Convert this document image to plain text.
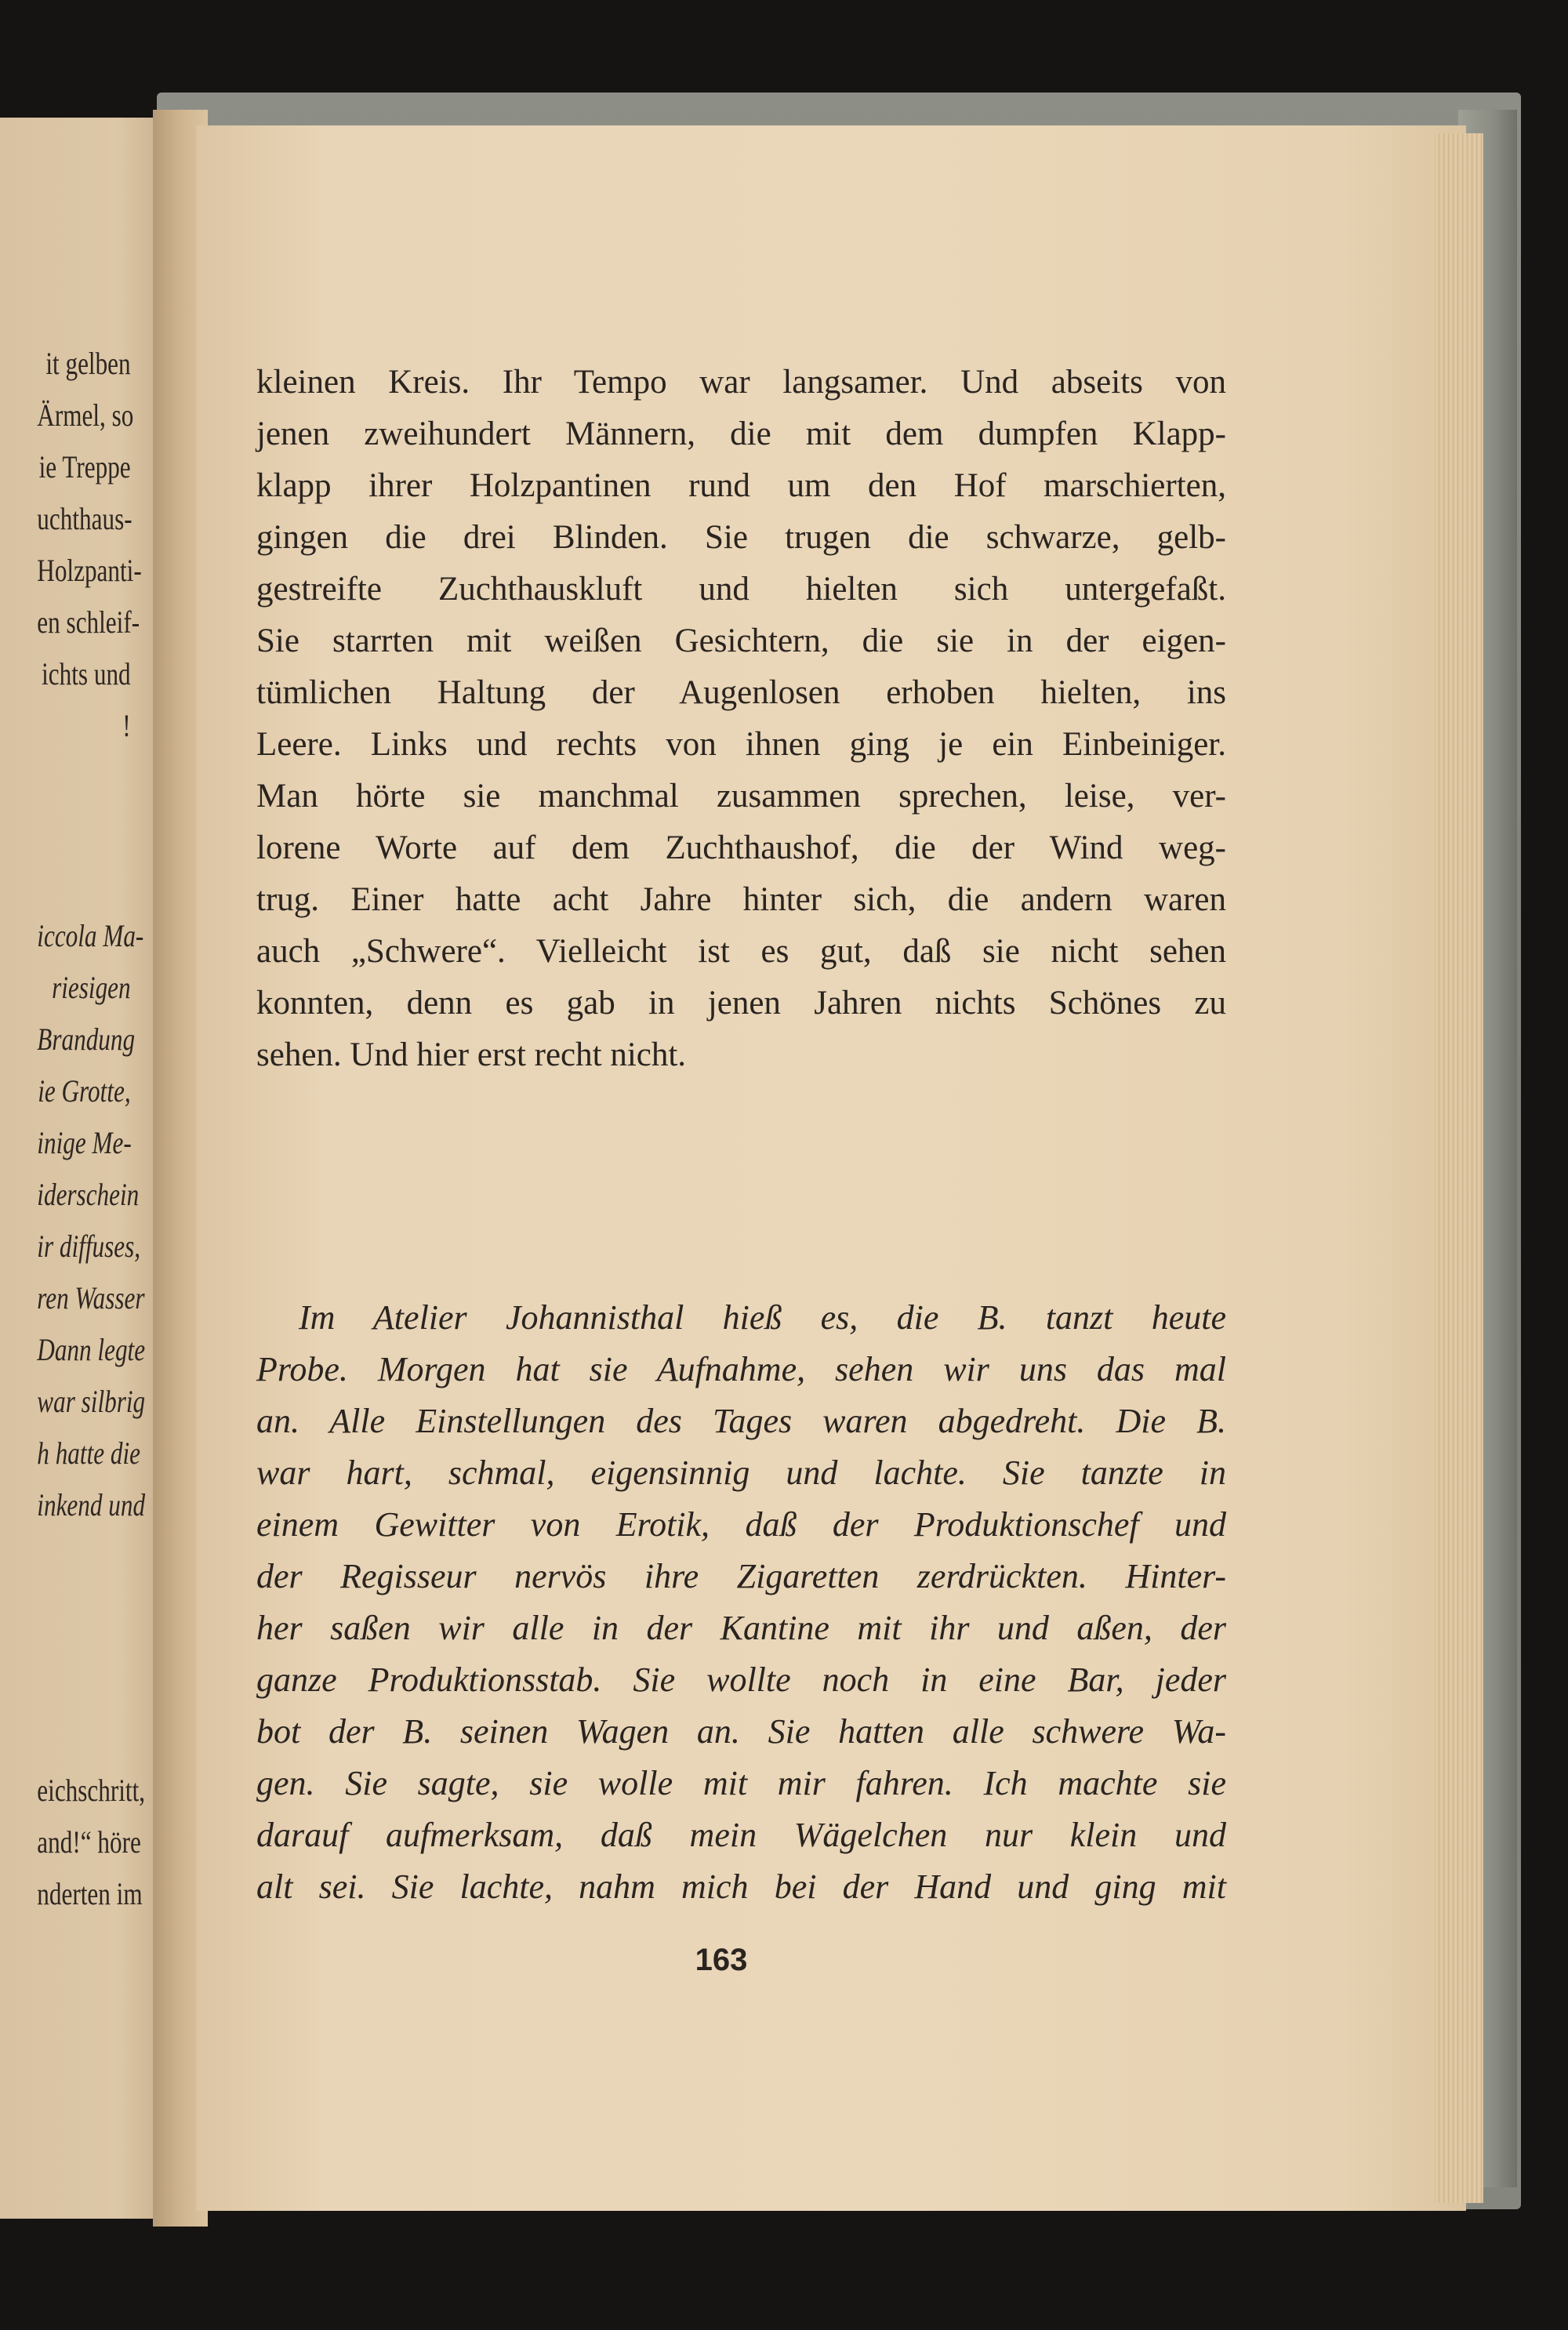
it gelben
Ärmel, so
ie Treppe
uchthaus-
Holzpanti-
en schleif-
ichts und
!
iccola Ma-
riesigen
Brandung
ie Grotte,
inige Me-
iderschein
ir diffuses,
ren Wasser
Dann legte
war silbrig
h hatte die
inkend und
eichschritt,
and!“ höre
nderten im
kleinen Kreis. Ihr Tempo war langsamer. Und abseits von
jenen zweihundert Männern, die mit dem dumpfen Klapp-
klapp ihrer Holzpantinen rund um den Hof marschierten,
gingen die drei Blinden. Sie trugen die schwarze, gelb-
gestreifte Zuchthauskluft und hielten sich untergefaßt.
Sie starrten mit weißen Gesichtern, die sie in der eigen-
tümlichen Haltung der Augenlosen erhoben hielten, ins
Leere. Links und rechts von ihnen ging je ein Einbeiniger.
Man hörte sie manchmal zusammen sprechen, leise, ver-
lorene Worte auf dem Zuchthaushof, die der Wind weg-
trug. Einer hatte acht Jahre hinter sich, die andern waren
auch „Schwere“. Vielleicht ist es gut, daß sie nicht sehen
konnten, denn es gab in jenen Jahren nichts Schönes zu
sehen. Und hier erst recht nicht.
Im Atelier Johannisthal hieß es, die B. tanzt heute
Probe. Morgen hat sie Aufnahme, sehen wir uns das mal
an. Alle Einstellungen des Tages waren abgedreht. Die B.
war hart, schmal, eigensinnig und lachte. Sie tanzte in
einem Gewitter von Erotik, daß der Produktionschef und
der Regisseur nervös ihre Zigaretten zerdrückten. Hinter-
her saßen wir alle in der Kantine mit ihr und aßen, der
ganze Produktionsstab. Sie wollte noch in eine Bar, jeder
bot der B. seinen Wagen an. Sie hatten alle schwere Wa-
gen. Sie sagte, sie wolle mit mir fahren. Ich machte sie
darauf aufmerksam, daß mein Wägelchen nur klein und
alt sei. Sie lachte, nahm mich bei der Hand und ging mit
163
